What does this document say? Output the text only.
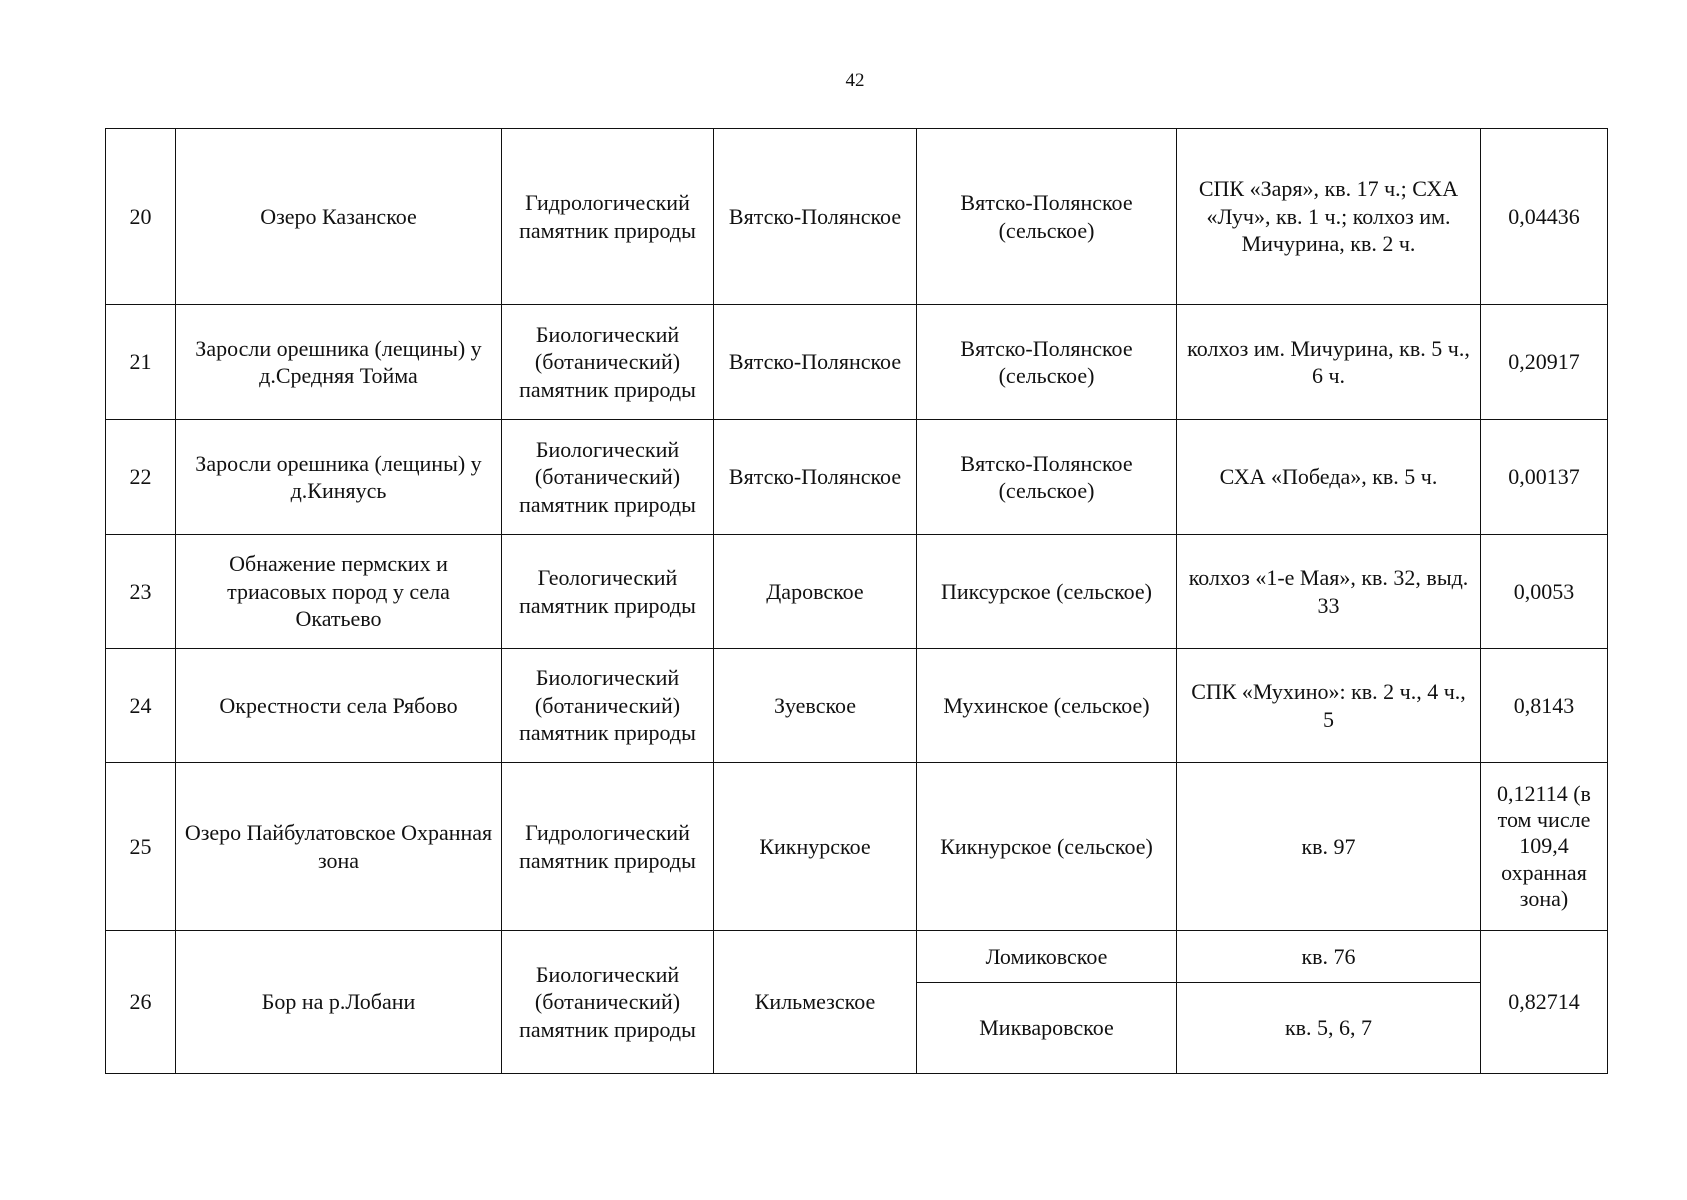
42
20	Озеро Казанское	Гидрологический памятник природы	Вятско-Полянское	Вятско-Полянское (сельское)	СПК «Заря», кв. 17 ч.; СХА «Луч», кв. 1 ч.; колхоз им. Мичурина, кв. 2 ч.	0,04436
21	Заросли орешника (лещины) у д.Средняя Тойма	Биологический (ботанический) памятник природы	Вятско-Полянское	Вятско-Полянское (сельское)	колхоз им. Мичурина, кв. 5 ч., 6 ч.	0,20917
22	Заросли орешника (лещины) у д.Киняусь	Биологический (ботанический) памятник природы	Вятско-Полянское	Вятско-Полянское (сельское)	СХА «Победа», кв. 5 ч.	0,00137
23	Обнажение пермских и триасовых пород у села Окатьево	Геологический памятник природы	Даровское	Пиксурское (сельское)	колхоз «1-е Мая», кв. 32, выд. 33	0,0053
24	Окрестности села Рябово	Биологический (ботанический) памятник природы	Зуевское	Мухинское (сельское)	СПК «Мухино»: кв. 2 ч., 4 ч., 5	0,8143
25	Озеро Пайбулатовское Охранная зона	Гидрологический памятник природы	Кикнурское	Кикнурское (сельское)	кв. 97	0,12114 (в том числе 109,4 охранная зона)
26	Бор на р.Лобани	Биологический (ботанический) памятник природы	Кильмезское	Ломиковское	кв. 76	0,82714
				Микваровское	кв. 5, 6, 7	
